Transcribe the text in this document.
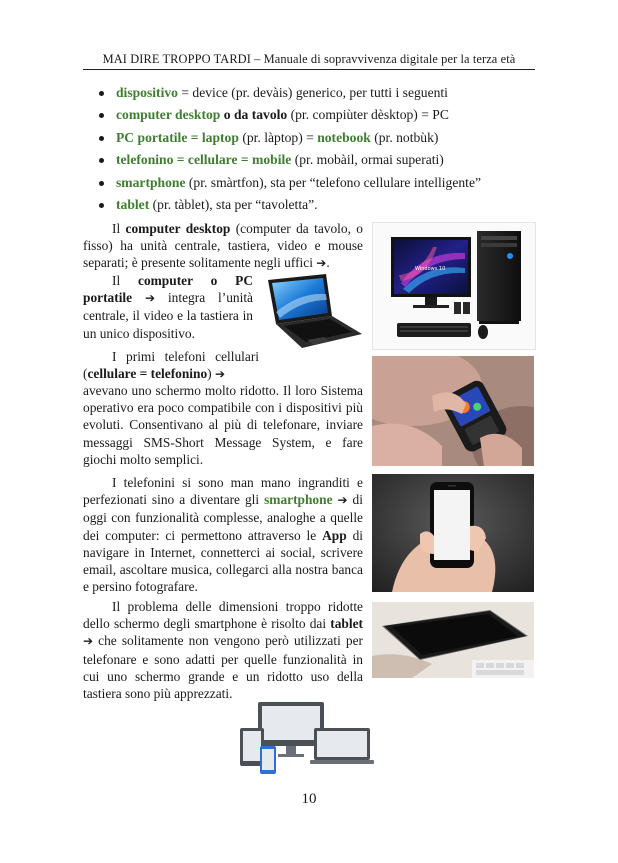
MAI DIRE TROPPO TARDI – Manuale di sopravvivenza digitale per la terza età
dispositivo = device (pr. devàis) generico, per tutti i seguenti
computer desktop o da tavolo (pr. compiùter dèsktop) = PC
PC portatile = laptop (pr. làptop) = notebook (pr. notbùk)
telefonino = cellulare = mobile (pr. mobàil, ormai superati)
smartphone (pr. smàrtfon), sta per “telefono cellulare intelligente”
tablet (pr. tàblet), sta per “tavoletta”.

Il computer desktop (computer da tavolo, o fisso) ha unità centrale, tastiera, video e mouse separati; è presente solitamente negli uffici ➔.	Windows 10

Il computer o PC portatile ➔ integra l’unità centrale, il video e la tastiera in un unico dispositivo.

I primi telefoni cellulari (cellulare = telefonino) ➔

avevano uno schermo molto ridotto. Il loro Sistema operativo era poco compatibile con i dispositivi più evoluti. Consentivano al più di telefonare, inviare messaggi SMS-Short Message System, e fare giochi molto semplici.

I telefonini si sono man mano ingranditi e perfezionati sino a diventare gli smartphone ➔ di oggi con funzionalità complesse, analoghe a quelle dei computer: ci permettono attraverso le App di navigare in Internet, connetterci ai social, scrivere email, ascoltare musica, collegarci alla nostra banca e persino fotografare.

Il problema delle dimensioni troppo ridotte dello schermo degli smartphone è risolto dai tablet ➔ che solitamente non vengono però utilizzati per telefonare e sono adatti per quelle funzionalità in cui uno schermo grande e un ridotto uso della tastiera sono più apprezzati.

10
